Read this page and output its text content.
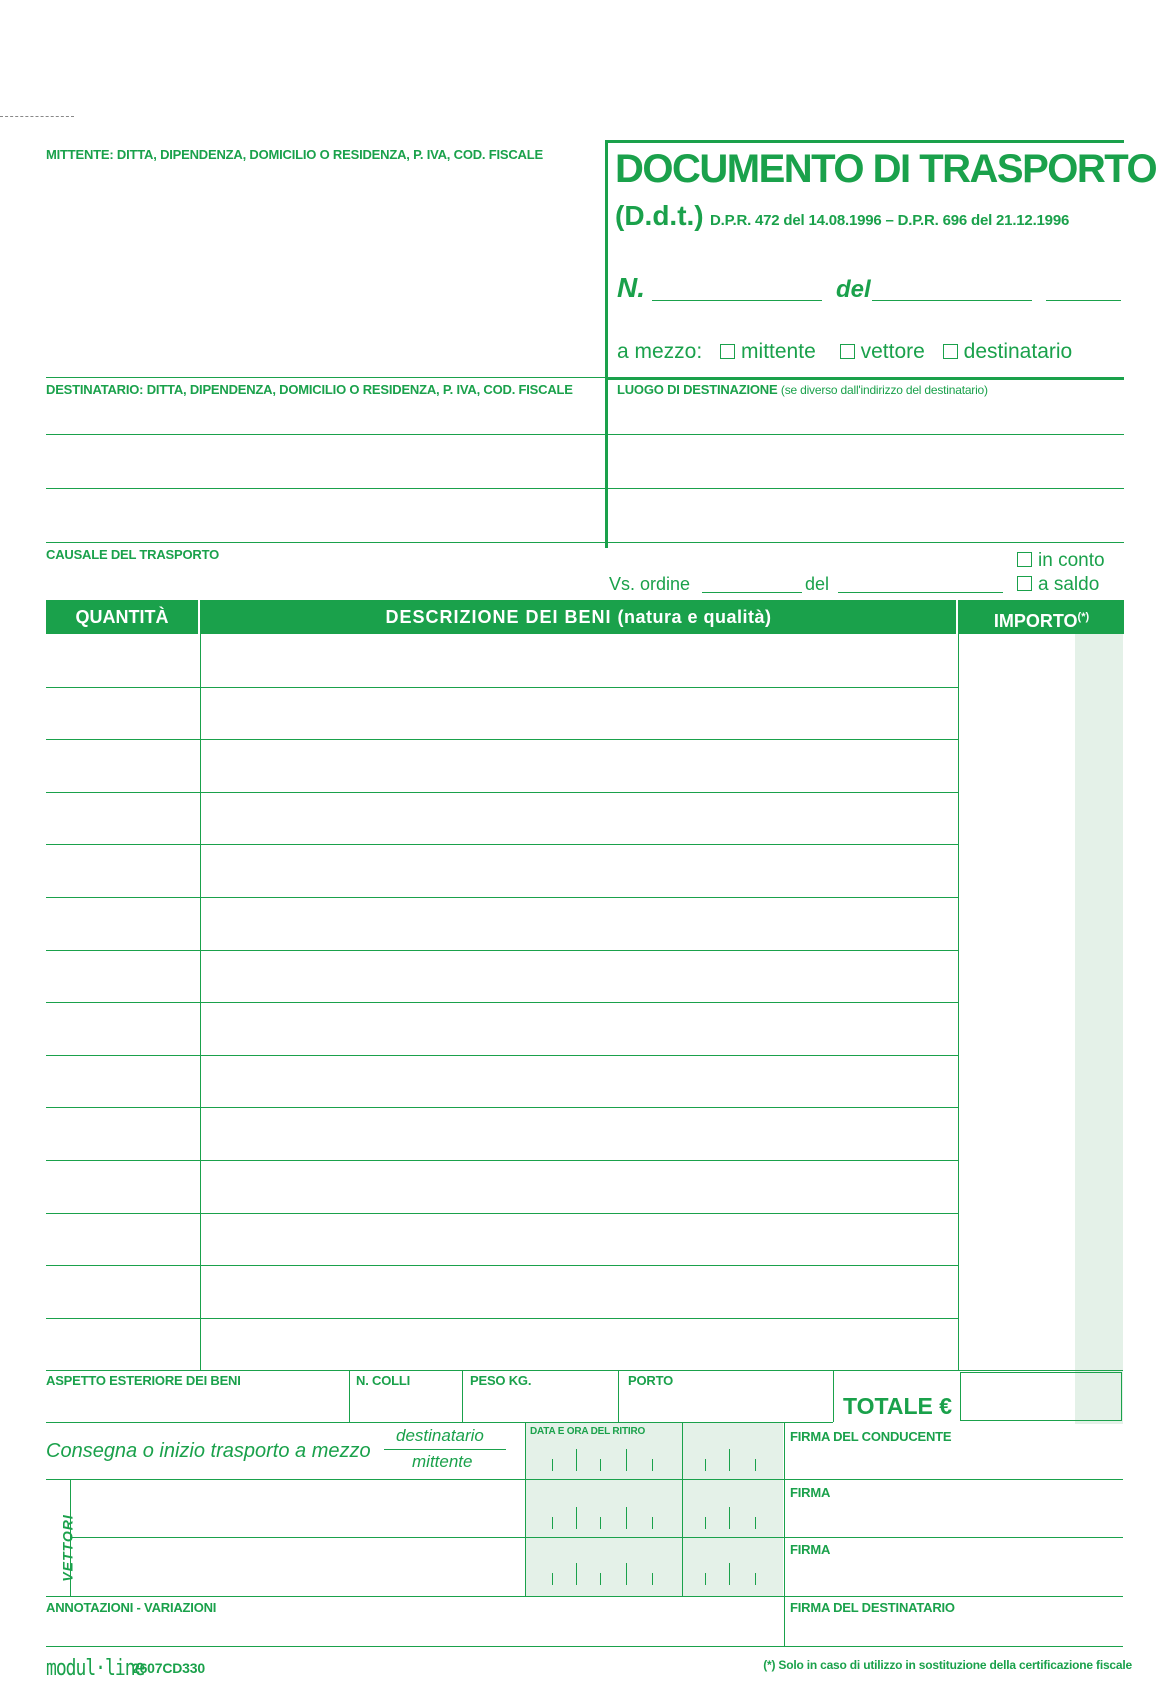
MITTENTE: DITTA, DIPENDENZA, DOMICILIO O RESIDENZA, P. IVA, COD. FISCALE DOCUMENTO DI TRASPORTO
(D.d.t.) D.P.R. 472 del 14.08.1996 – D.P.R. 696 del 21.12.1996
N.	del
a mezzo: mittente vettore destinatario
DESTINATARIO: DITTA, DIPENDENZA, DOMICILIO O RESIDENZA, P. IVA, COD. FISCALE	LUOGO DI DESTINAZIONE (se diverso dall'indirizzo del destinatario)
CAUSALE DEL TRASPORTO
Vs. ordine	del
in conto
a saldo
QUANTITÀ	DESCRIZIONE DEI BENI (natura e qualità)	IMPORTO(*)
ASPETTO ESTERIORE DEI BENI	N. COLLI	PESO KG.	PORTO
TOTALE €
Consegna o inizio trasporto a mezzo
destinatario
mittente
DATA E ORA DEL RITIRO	FIRMA DEL CONDUCENTE
VETTORI
FIRMA
FIRMA
ANNOTAZIONI - VARIAZIONI	FIRMA DEL DESTINATARIO
modul·line
2607CD330	(*) Solo in caso di utilizzo in sostituzione della certificazione fiscale
